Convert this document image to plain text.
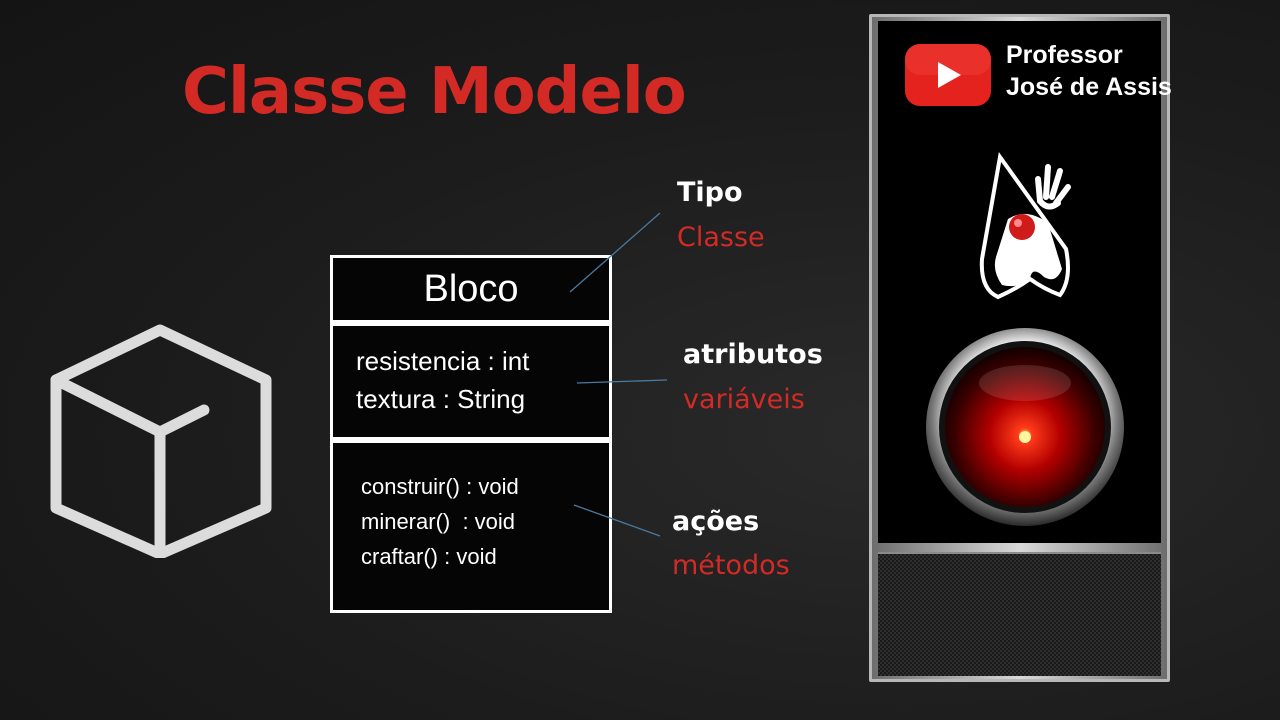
Classe Modelo
Bloco
resistencia : int
textura : String
construir() : void
minerar()  : void
craftar() : void
Tipo
Classe
atributos
variáveis
ações
métodos
Professor
José de Assis
